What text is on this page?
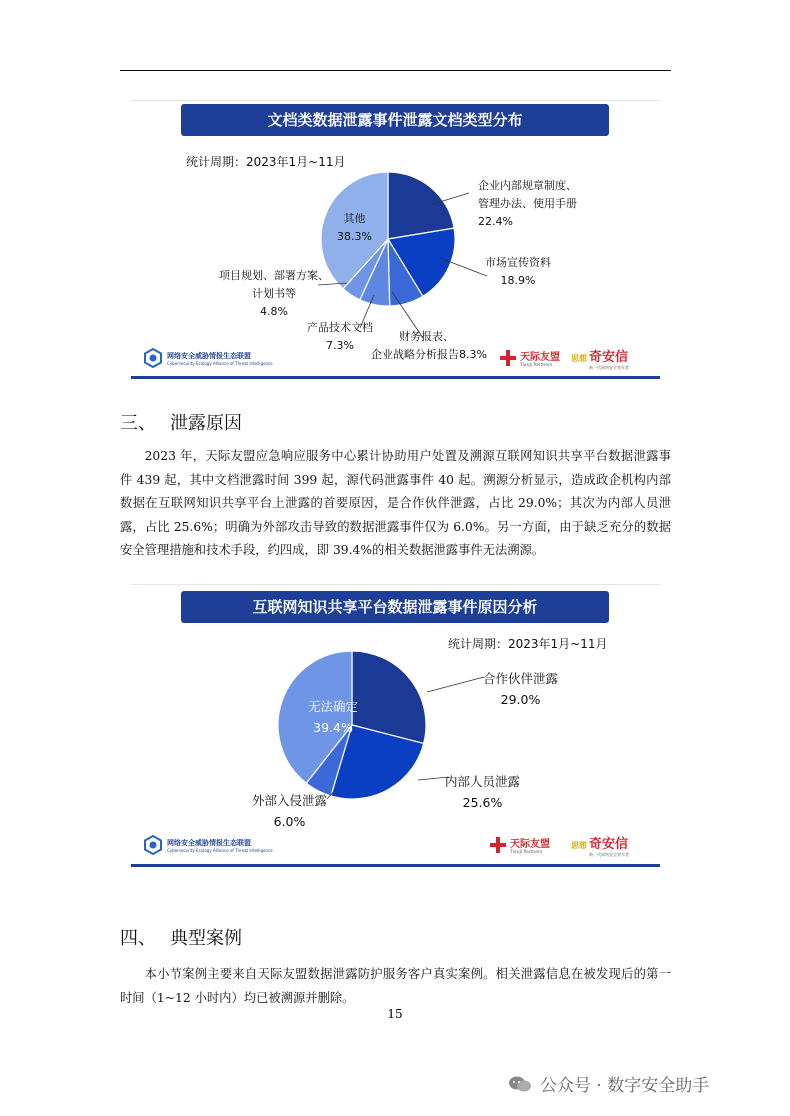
文档类数据泄露事件泄露文档类型分布
统计周期：2023年1月~11月
企业内部规章制度、
管理办法、使用手册
22.4%
市场宣传资料
18.9%
财务报表、
企业战略分析报告8.3%
产品技术文档
7.3%
项目规划、部署方案、
计划书等
4.8%
其他
38.3%
网络安全威胁情报生态联盟
Cybersecurity Ecology Alliance of Threat Intelligence	天际友盟
TianJi Partners
思想 奇安信
新一代网络安全领军者
三、 泄露原因

2023 年，天际友盟应急响应服务中心累计协助用户处置及溯源互联网知识共享平台数据泄露事件 439 起，其中文档泄露时间 399 起，源代码泄露事件 40 起。溯源分析显示，造成政企机构内部数据在互联网知识共享平台上泄露的首要原因，是合作伙伴泄露，占比 29.0%；其次为内部人员泄露，占比 25.6%；明确为外部攻击导致的数据泄露事件仅为 6.0%。另一方面，由于缺乏充分的数据安全管理措施和技术手段，约四成，即 39.4%的相关数据泄露事件无法溯源。

互联网知识共享平台数据泄露事件原因分析
统计周期：2023年1月~11月
合作伙伴泄露
29.0%
内部人员泄露
25.6%
外部入侵泄露
6.0%
无法确定
39.4%
网络安全威胁情报生态联盟
Cybersecurity Ecology Alliance of Threat Intelligence	天际友盟
TianJi Partners
思想 奇安信
新一代网络安全领军者
四、 典型案例

本小节案例主要来自天际友盟数据泄露防护服务客户真实案例。相关泄露信息在被发现后的第一时间（1~12 小时内）均已被溯源并删除。

15
公众号 · 数字安全助手
